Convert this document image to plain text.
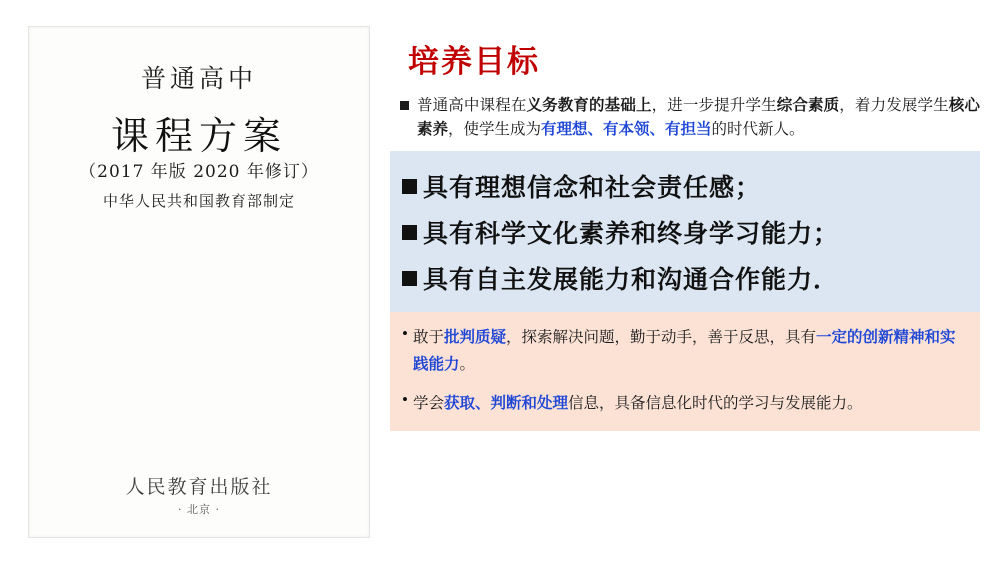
普通高中
课程方案
（2017 年版 2020 年修订）
中华人民共和国教育部制定
人民教育出版社
· 北京 ·
培养目标
普通高中课程在义务教育的基础上，进一步提升学生综合素质，着力发展学生核心素养，使学生成为有理想、有本领、有担当的时代新人。
具有理想信念和社会责任感；
具有科学文化素养和终身学习能力；
具有自主发展能力和沟通合作能力．
• 敢于批判质疑，探索解决问题，勤于动手，善于反思，具有一定的创新精神和实践能力。
• 学会获取、判断和处理信息，具备信息化时代的学习与发展能力。
